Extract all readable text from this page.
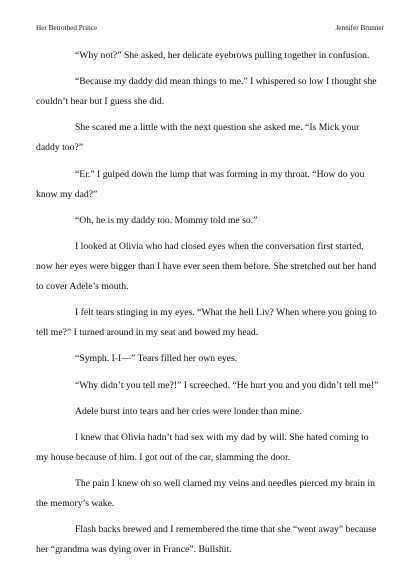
Her Betrothed Prince	Jennifer Brunner

“Why not?” She asked, her delicate eyebrows pulling together in confusion.

“Because my daddy did mean things to me.” I whispered so low I thought she couldn’t hear but I guess she did.

She scared me a little with the next question she asked me. “Is Mick your daddy too?”

“Er.” I gulped down the lump that was forming in my throat. “How do you know my dad?”

“Oh, he is my daddy too. Mommy told me so.”

I looked at Olivia who had closed eyes when the conversation first started, now her eyes were bigger than I have ever seen them before. She stretched out her hand to cover Adele’s mouth.

I felt tears stinging in my eyes. “What the hell Liv? When where you going to tell me?” I turned around in my seat and bowed my head.

“Symph. I-I—” Tears filled her own eyes.

“Why didn’t you tell me?!” I screeched. “He hurt you and you didn’t tell me!”

Adele burst into tears and her cries were louder than mine.

I knew that Olivia hadn’t had sex with my dad by will. She hated coming to my house because of him. I got out of the car, slamming the door.

The pain I knew oh so well clarned my veins and needles pierced my brain in the memory’s wake.

Flash backs brewed and I remembered the time that she “went away” because her “grandma was dying over in France”. Bullshit.
